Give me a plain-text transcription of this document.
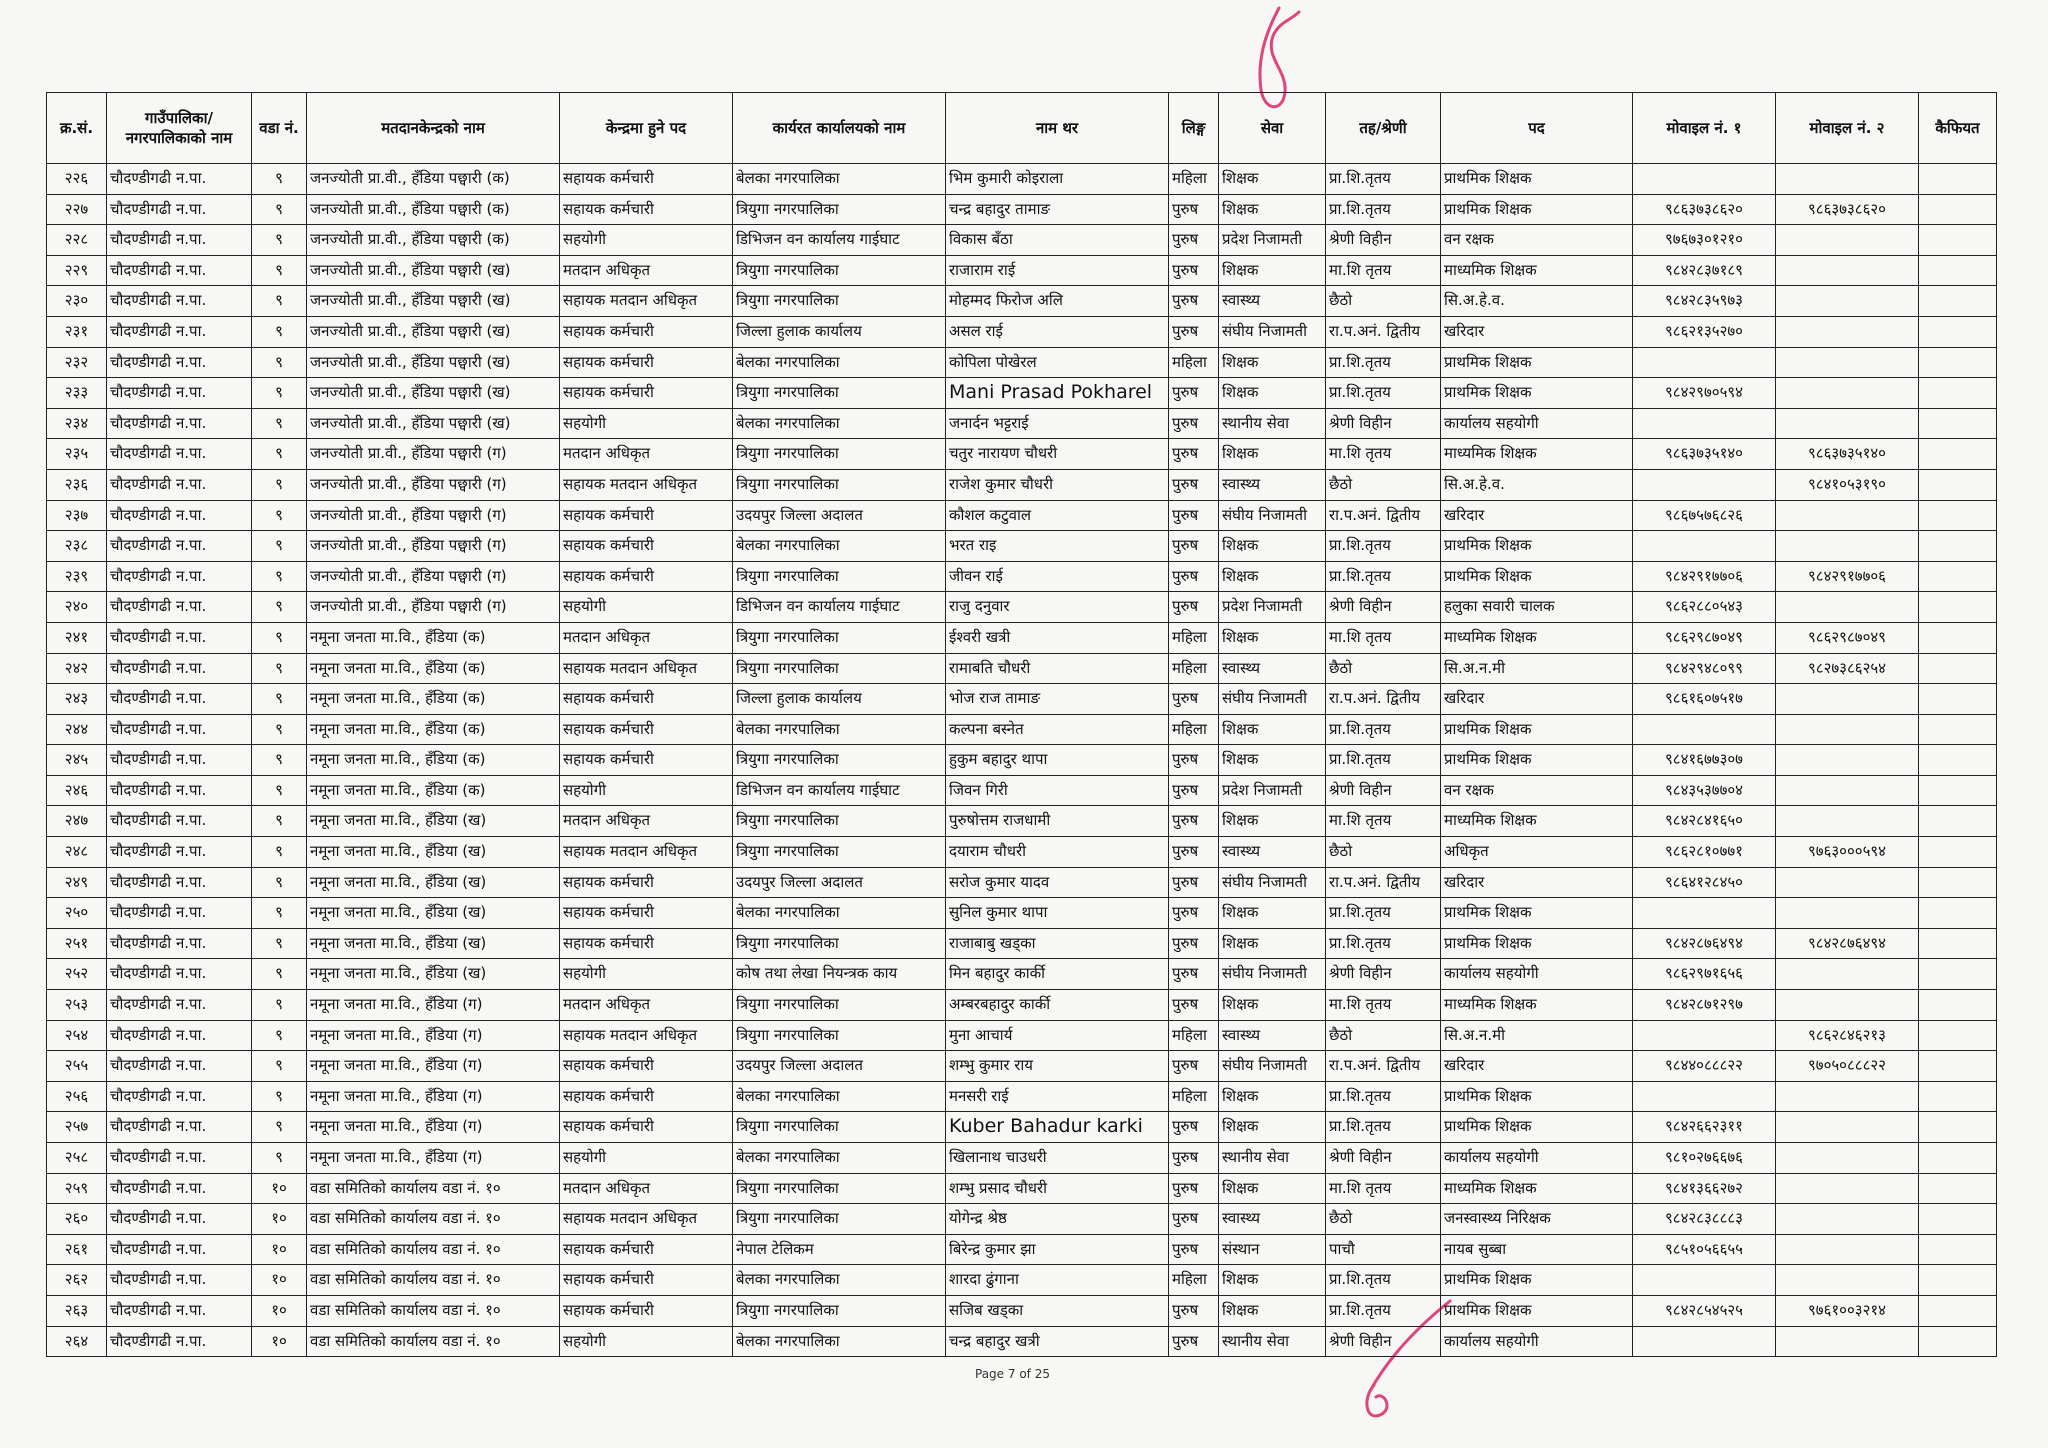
क्र.सं.	गाउँपालिका/नगरपालिकाको नाम	वडा नं.	मतदानकेन्द्रको नाम	केन्द्रमा हुने पद	कार्यरत कार्यालयको नाम	नाम थर	लिङ्ग	सेवा	तह/श्रेणी	पद	मोवाइल नं. १	मोवाइल नं. २	कैफियत
२२६	चौदण्डीगढी न.पा.	९	जनज्योती प्रा.वी., हँडिया पछ्वारी (क)	सहायक कर्मचारी	बेलका नगरपालिका	भिम कुमारी कोइराला	महिला	शिक्षक	प्रा.शि.तृतय	प्राथमिक शिक्षक			
२२७	चौदण्डीगढी न.पा.	९	जनज्योती प्रा.वी., हँडिया पछ्वारी (क)	सहायक कर्मचारी	त्रियुगा नगरपालिका	चन्द्र बहादुर तामाङ	पुरुष	शिक्षक	प्रा.शि.तृतय	प्राथमिक शिक्षक	९८६३७३८६२०	९८६३७३८६२०	
२२८	चौदण्डीगढी न.पा.	९	जनज्योती प्रा.वी., हँडिया पछ्वारी (क)	सहयोगी	डिभिजन वन कार्यालय गाईघाट	विकास बँठा	पुरुष	प्रदेश निजामती	श्रेणी विहीन	वन रक्षक	९७६७३०१२१०		
२२९	चौदण्डीगढी न.पा.	९	जनज्योती प्रा.वी., हँडिया पछ्वारी (ख)	मतदान अधिकृत	त्रियुगा नगरपालिका	राजाराम राई	पुरुष	शिक्षक	मा.शि तृतय	माध्यमिक शिक्षक	९८४२८३७१८९		
२३०	चौदण्डीगढी न.पा.	९	जनज्योती प्रा.वी., हँडिया पछ्वारी (ख)	सहायक मतदान अधिकृत	त्रियुगा नगरपालिका	मोहम्मद फिरोज अलि	पुरुष	स्वास्थ्य	छैठो	सि.अ.हे.व.	९८४२८३५९७३		
२३१	चौदण्डीगढी न.पा.	९	जनज्योती प्रा.वी., हँडिया पछ्वारी (ख)	सहायक कर्मचारी	जिल्ला हुलाक कार्यालय	असल राई	पुरुष	संघीय निजामती	रा.प.अनं. द्वितीय	खरिदार	९८६२१३५२७०		
२३२	चौदण्डीगढी न.पा.	९	जनज्योती प्रा.वी., हँडिया पछ्वारी (ख)	सहायक कर्मचारी	बेलका नगरपालिका	कोपिला पोखेरल	महिला	शिक्षक	प्रा.शि.तृतय	प्राथमिक शिक्षक			
२३३	चौदण्डीगढी न.पा.	९	जनज्योती प्रा.वी., हँडिया पछ्वारी (ख)	सहायक कर्मचारी	त्रियुगा नगरपालिका	Mani Prasad Pokharel	पुरुष	शिक्षक	प्रा.शि.तृतय	प्राथमिक शिक्षक	९८४२९७०५९४		
२३४	चौदण्डीगढी न.पा.	९	जनज्योती प्रा.वी., हँडिया पछ्वारी (ख)	सहयोगी	बेलका नगरपालिका	जनार्दन भट्टराई	पुरुष	स्थानीय सेवा	श्रेणी विहीन	कार्यालय सहयोगी			
२३५	चौदण्डीगढी न.पा.	९	जनज्योती प्रा.वी., हँडिया पछ्वारी (ग)	मतदान अधिकृत	त्रियुगा नगरपालिका	चतुर नारायण चौधरी	पुरुष	शिक्षक	मा.शि तृतय	माध्यमिक शिक्षक	९८६३७३५१४०	९८६३७३५१४०	
२३६	चौदण्डीगढी न.पा.	९	जनज्योती प्रा.वी., हँडिया पछ्वारी (ग)	सहायक मतदान अधिकृत	त्रियुगा नगरपालिका	राजेश कुमार चौधरी	पुरुष	स्वास्थ्य	छैठो	सि.अ.हे.व.		९८४१०५३१९०	
२३७	चौदण्डीगढी न.पा.	९	जनज्योती प्रा.वी., हँडिया पछ्वारी (ग)	सहायक कर्मचारी	उदयपुर जिल्ला अदालत	कौशल कटुवाल	पुरुष	संघीय निजामती	रा.प.अनं. द्वितीय	खरिदार	९८६७५७६८२६		
२३८	चौदण्डीगढी न.पा.	९	जनज्योती प्रा.वी., हँडिया पछ्वारी (ग)	सहायक कर्मचारी	बेलका नगरपालिका	भरत राइ	पुरुष	शिक्षक	प्रा.शि.तृतय	प्राथमिक शिक्षक			
२३९	चौदण्डीगढी न.पा.	९	जनज्योती प्रा.वी., हँडिया पछ्वारी (ग)	सहायक कर्मचारी	त्रियुगा नगरपालिका	जीवन राई	पुरुष	शिक्षक	प्रा.शि.तृतय	प्राथमिक शिक्षक	९८४२९१७७०६	९८४२९१७७०६	
२४०	चौदण्डीगढी न.पा.	९	जनज्योती प्रा.वी., हँडिया पछ्वारी (ग)	सहयोगी	डिभिजन वन कार्यालय गाईघाट	राजु दनुवार	पुरुष	प्रदेश निजामती	श्रेणी विहीन	हलुका सवारी चालक	९८६२८८०५४३		
२४१	चौदण्डीगढी न.पा.	९	नमूना जनता मा.वि., हँडिया (क)	मतदान अधिकृत	त्रियुगा नगरपालिका	ईश्वरी खत्री	महिला	शिक्षक	मा.शि तृतय	माध्यमिक शिक्षक	९८६२९८७०४९	९८६२९८७०४९	
२४२	चौदण्डीगढी न.पा.	९	नमूना जनता मा.वि., हँडिया (क)	सहायक मतदान अधिकृत	त्रियुगा नगरपालिका	रामाबति चौधरी	महिला	स्वास्थ्य	छैठो	सि.अ.न.मी	९८४२९४८०९९	९८२७३८६२५४	
२४३	चौदण्डीगढी न.पा.	९	नमूना जनता मा.वि., हँडिया (क)	सहायक कर्मचारी	जिल्ला हुलाक कार्यालय	भोज राज तामाङ	पुरुष	संघीय निजामती	रा.प.अनं. द्वितीय	खरिदार	९८६१६०७५१७		
२४४	चौदण्डीगढी न.पा.	९	नमूना जनता मा.वि., हँडिया (क)	सहायक कर्मचारी	बेलका नगरपालिका	कल्पना बस्नेत	महिला	शिक्षक	प्रा.शि.तृतय	प्राथमिक शिक्षक			
२४५	चौदण्डीगढी न.पा.	९	नमूना जनता मा.वि., हँडिया (क)	सहायक कर्मचारी	त्रियुगा नगरपालिका	हुकुम बहादुर थापा	पुरुष	शिक्षक	प्रा.शि.तृतय	प्राथमिक शिक्षक	९८४१६७७३०७		
२४६	चौदण्डीगढी न.पा.	९	नमूना जनता मा.वि., हँडिया (क)	सहयोगी	डिभिजन वन कार्यालय गाईघाट	जिवन गिरी	पुरुष	प्रदेश निजामती	श्रेणी विहीन	वन रक्षक	९८४३५३७७०४		
२४७	चौदण्डीगढी न.पा.	९	नमूना जनता मा.वि., हँडिया (ख)	मतदान अधिकृत	त्रियुगा नगरपालिका	पुरुषोत्तम राजधामी	पुरुष	शिक्षक	मा.शि तृतय	माध्यमिक शिक्षक	९८४२८४१६५०		
२४८	चौदण्डीगढी न.पा.	९	नमूना जनता मा.वि., हँडिया (ख)	सहायक मतदान अधिकृत	त्रियुगा नगरपालिका	दयाराम चौधरी	पुरुष	स्वास्थ्य	छैठो	अधिकृत	९८६२८१०७७१	९७६३०००५९४	
२४९	चौदण्डीगढी न.पा.	९	नमूना जनता मा.वि., हँडिया (ख)	सहायक कर्मचारी	उदयपुर जिल्ला अदालत	सरोज कुमार यादव	पुरुष	संघीय निजामती	रा.प.अनं. द्वितीय	खरिदार	९८६४१२८४५०		
२५०	चौदण्डीगढी न.पा.	९	नमूना जनता मा.वि., हँडिया (ख)	सहायक कर्मचारी	बेलका नगरपालिका	सुनिल कुमार थापा	पुरुष	शिक्षक	प्रा.शि.तृतय	प्राथमिक शिक्षक			
२५१	चौदण्डीगढी न.पा.	९	नमूना जनता मा.वि., हँडिया (ख)	सहायक कर्मचारी	त्रियुगा नगरपालिका	राजाबाबु खड्का	पुरुष	शिक्षक	प्रा.शि.तृतय	प्राथमिक शिक्षक	९८४२८७६४९४	९८४२८७६४९४	
२५२	चौदण्डीगढी न.पा.	९	नमूना जनता मा.वि., हँडिया (ख)	सहयोगी	कोष तथा लेखा नियन्त्रक काय	मिन बहादुर कार्की	पुरुष	संघीय निजामती	श्रेणी विहीन	कार्यालय सहयोगी	९८६२९७१६५६		
२५३	चौदण्डीगढी न.पा.	९	नमूना जनता मा.वि., हँडिया (ग)	मतदान अधिकृत	त्रियुगा नगरपालिका	अम्बरबहादुर कार्की	पुरुष	शिक्षक	मा.शि तृतय	माध्यमिक शिक्षक	९८४२८७१२९७		
२५४	चौदण्डीगढी न.पा.	९	नमूना जनता मा.वि., हँडिया (ग)	सहायक मतदान अधिकृत	त्रियुगा नगरपालिका	मुना आचार्य	महिला	स्वास्थ्य	छैठो	सि.अ.न.मी		९८६२८४६२१३	
२५५	चौदण्डीगढी न.पा.	९	नमूना जनता मा.वि., हँडिया (ग)	सहायक कर्मचारी	उदयपुर जिल्ला अदालत	शम्भु कुमार राय	पुरुष	संघीय निजामती	रा.प.अनं. द्वितीय	खरिदार	९८४४०८८८२२	९७०५०८८८२२	
२५६	चौदण्डीगढी न.पा.	९	नमूना जनता मा.वि., हँडिया (ग)	सहायक कर्मचारी	बेलका नगरपालिका	मनसरी राई	महिला	शिक्षक	प्रा.शि.तृतय	प्राथमिक शिक्षक			
२५७	चौदण्डीगढी न.पा.	९	नमूना जनता मा.वि., हँडिया (ग)	सहायक कर्मचारी	त्रियुगा नगरपालिका	Kuber Bahadur karki	पुरुष	शिक्षक	प्रा.शि.तृतय	प्राथमिक शिक्षक	९८४२६६२३११		
२५८	चौदण्डीगढी न.पा.	९	नमूना जनता मा.वि., हँडिया (ग)	सहयोगी	बेलका नगरपालिका	खिलानाथ चाउधरी	पुरुष	स्थानीय सेवा	श्रेणी विहीन	कार्यालय सहयोगी	९८१०२७६६७६		
२५९	चौदण्डीगढी न.पा.	१०	वडा समितिको कार्यालय वडा नं. १०	मतदान अधिकृत	त्रियुगा नगरपालिका	शम्भु प्रसाद चौधरी	पुरुष	शिक्षक	मा.शि तृतय	माध्यमिक शिक्षक	९८४१३६६२७२		
२६०	चौदण्डीगढी न.पा.	१०	वडा समितिको कार्यालय वडा नं. १०	सहायक मतदान अधिकृत	त्रियुगा नगरपालिका	योगेन्द्र श्रेष्ठ	पुरुष	स्वास्थ्य	छैठो	जनस्वास्थ्य निरिक्षक	९८४२८३८८८३		
२६१	चौदण्डीगढी न.पा.	१०	वडा समितिको कार्यालय वडा नं. १०	सहायक कर्मचारी	नेपाल टेलिकम	बिरेन्द्र कुमार झा	पुरुष	संस्थान	पाचौ	नायब सुब्बा	९८५१०५६६५५		
२६२	चौदण्डीगढी न.पा.	१०	वडा समितिको कार्यालय वडा नं. १०	सहायक कर्मचारी	बेलका नगरपालिका	शारदा ढुंगाना	महिला	शिक्षक	प्रा.शि.तृतय	प्राथमिक शिक्षक			
२६३	चौदण्डीगढी न.पा.	१०	वडा समितिको कार्यालय वडा नं. १०	सहायक कर्मचारी	त्रियुगा नगरपालिका	सजिब खड्का	पुरुष	शिक्षक	प्रा.शि.तृतय	प्राथमिक शिक्षक	९८४२८५४५२५	९७६१००३२१४	
२६४	चौदण्डीगढी न.पा.	१०	वडा समितिको कार्यालय वडा नं. १०	सहयोगी	बेलका नगरपालिका	चन्द्र बहादुर खत्री	पुरुष	स्थानीय सेवा	श्रेणी विहीन	कार्यालय सहयोगी			
Page 7 of 25
